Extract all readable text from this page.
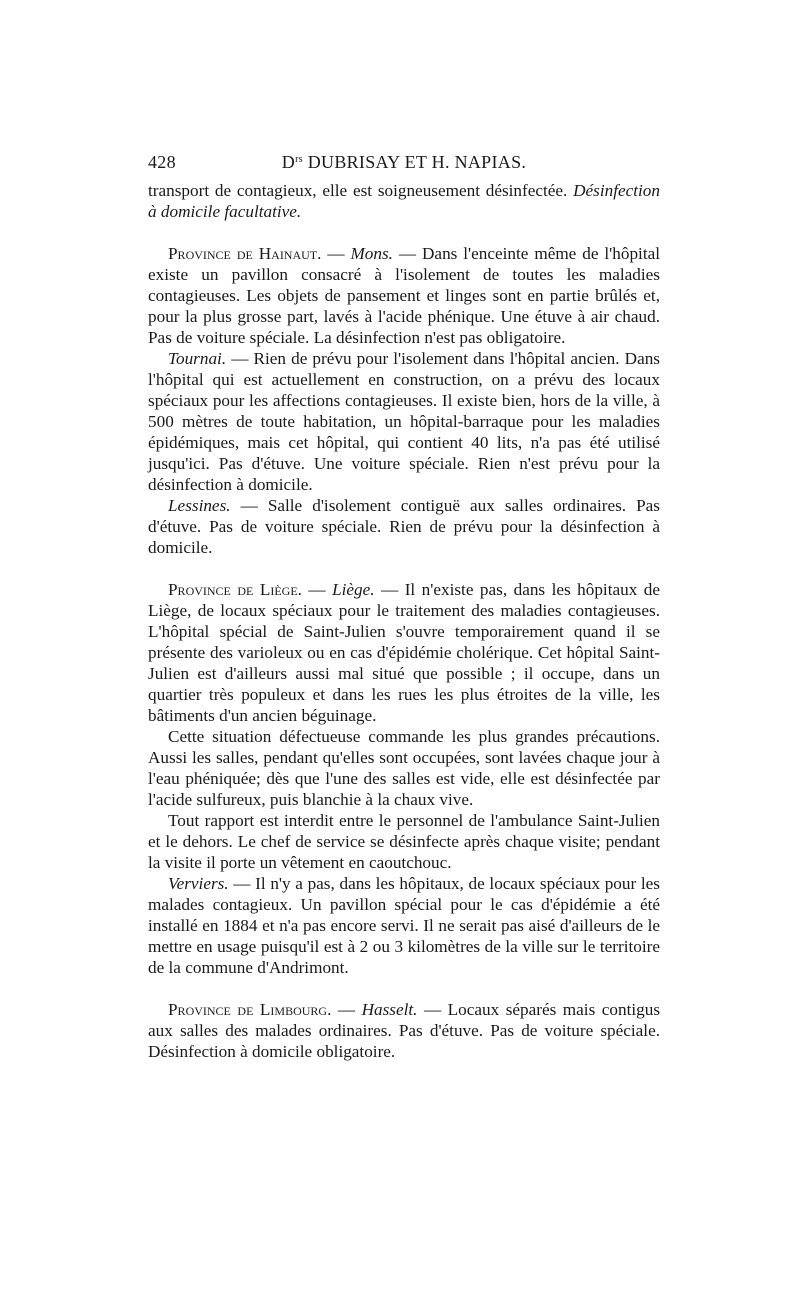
428	$D^{rs}$ DUBRISAY ET H. NAPIAS.

transport de contagieux, elle est soigneusement désinfectée. Désinfection à domicile facultative.

Province de Hainaut. — Mons. — Dans l'enceinte même de l'hôpital existe un pavillon consacré à l'isolement de toutes les maladies contagieuses. Les objets de pansement et linges sont en partie brûlés et, pour la plus grosse part, lavés à l'acide phénique. Une étuve à air chaud. Pas de voiture spéciale. La désinfection n'est pas obligatoire.

Tournai. — Rien de prévu pour l'isolement dans l'hôpital ancien. Dans l'hôpital qui est actuellement en construction, on a prévu des locaux spéciaux pour les affections contagieuses. Il existe bien, hors de la ville, à 500 mètres de toute habitation, un hôpital-barraque pour les maladies épidémiques, mais cet hôpital, qui contient 40 lits, n'a pas été utilisé jusqu'ici. Pas d'étuve. Une voiture spéciale. Rien n'est prévu pour la désinfection à domicile.

Lessines. — Salle d'isolement contiguë aux salles ordinaires. Pas d'étuve. Pas de voiture spéciale. Rien de prévu pour la désinfection à domicile.

Province de Liège. — Liège. — Il n'existe pas, dans les hôpitaux de Liège, de locaux spéciaux pour le traitement des maladies contagieuses. L'hôpital spécial de Saint-Julien s'ouvre temporairement quand il se présente des varioleux ou en cas d'épidémie cholérique. Cet hôpital Saint-Julien est d'ailleurs aussi mal situé que possible ; il occupe, dans un quartier très populeux et dans les rues les plus étroites de la ville, les bâtiments d'un ancien béguinage.

Cette situation défectueuse commande les plus grandes précautions. Aussi les salles, pendant qu'elles sont occupées, sont lavées chaque jour à l'eau phéniquée; dès que l'une des salles est vide, elle est désinfectée par l'acide sulfureux, puis blanchie à la chaux vive.

Tout rapport est interdit entre le personnel de l'ambulance Saint-Julien et le dehors. Le chef de service se désinfecte après chaque visite; pendant la visite il porte un vêtement en caoutchouc.

Verviers. — Il n'y a pas, dans les hôpitaux, de locaux spéciaux pour les malades contagieux. Un pavillon spécial pour le cas d'épidémie a été installé en 1884 et n'a pas encore servi. Il ne serait pas aisé d'ailleurs de le mettre en usage puisqu'il est à 2 ou 3 kilomètres de la ville sur le territoire de la commune d'Andrimont.

Province de Limbourg. — Hasselt. — Locaux séparés mais contigus aux salles des malades ordinaires. Pas d'étuve. Pas de voiture spéciale. Désinfection à domicile obligatoire.
